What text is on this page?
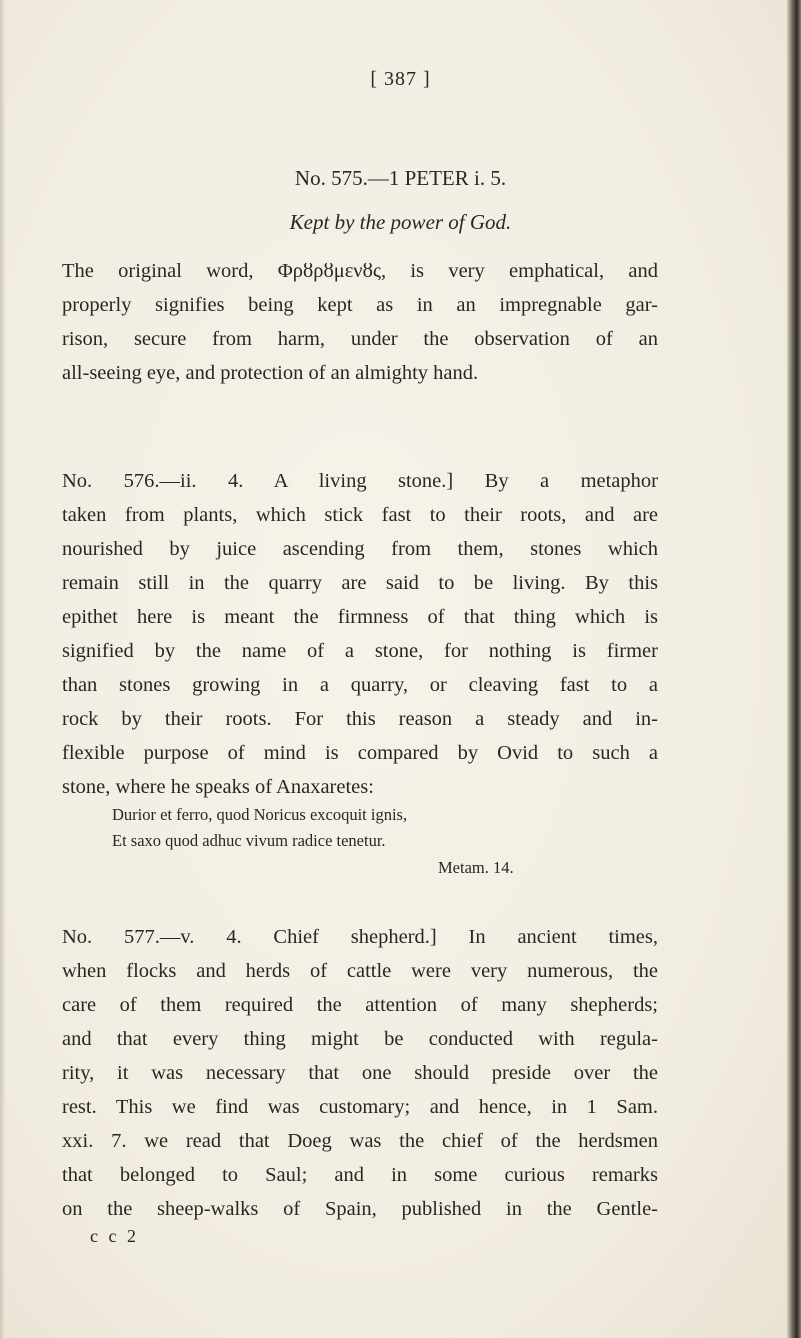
[ 387 ]
No. 575.—1 PETER i. 5.
Kept by the power of God.
The original word, Φρȣρȣμενȣς, is very emphatical, and
properly signifies being kept as in an impregnable gar-
rison, secure from harm, under the observation of an
all-seeing eye, and protection of an almighty hand.
No. 576.—ii. 4. A living stone.] By a metaphor
taken from plants, which stick fast to their roots, and are
nourished by juice ascending from them, stones which
remain still in the quarry are said to be living. By this
epithet here is meant the firmness of that thing which is
signified by the name of a stone, for nothing is firmer
than stones growing in a quarry, or cleaving fast to a
rock by their roots. For this reason a steady and in-
flexible purpose of mind is compared by Ovid to such a
stone, where he speaks of Anaxaretes:
Durior et ferro, quod Noricus excoquit ignis,
Et saxo quod adhuc vivum radice tenetur.
Metam. 14.
No. 577.—v. 4. Chief shepherd.] In ancient times,
when flocks and herds of cattle were very numerous, the
care of them required the attention of many shepherds;
and that every thing might be conducted with regula-
rity, it was necessary that one should preside over the
rest. This we find was customary; and hence, in 1 Sam.
xxi. 7. we read that Doeg was the chief of the herdsmen
that belonged to Saul; and in some curious remarks
on the sheep-walks of Spain, published in the Gentle-
c c 2
